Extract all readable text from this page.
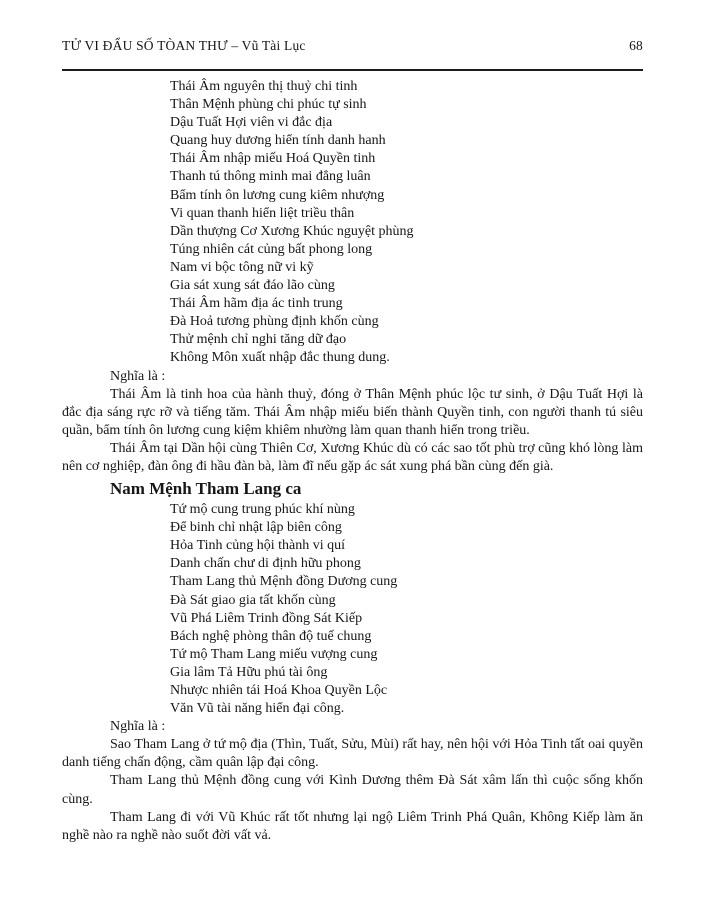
TỬ VI ĐẨU SỐ TÒAN THƯ – Vũ Tài Lục	68
Thái Âm nguyên thị thuỷ chi tinh
Thân Mệnh phùng chi phúc tự sinh
Dậu Tuất Hợi viên vi đắc địa
Quang huy dương hiển tính danh hanh
Thái Âm nhập miếu Hoá Quyền tinh
Thanh tú thông minh mai đẳng luân
Bẩm tính ôn lương cung kiêm nhượng
Vi quan thanh hiển liệt triều thân
Dần thượng Cơ Xương Khúc nguyệt phùng
Túng nhiên cát củng bất phong long
Nam vi bộc tông nữ vi kỹ
Gia sát xung sát đáo lão cùng
Thái Âm hãm địa ác tinh trung
Đà Hoả tương phùng định khốn cùng
Thử mệnh chỉ nghi tăng dữ đạo
Không Môn xuất nhập đắc thung dung.

Nghĩa là :

Thái Âm là tinh hoa của hành thuỷ, đóng ở Thân Mệnh phúc lộc tư sinh, ở Dậu Tuất Hợi là đắc địa sáng rực rỡ và tiếng tăm. Thái Âm nhập miếu biến thành Quyền tinh, con người thanh tú siêu quần, bẩm tính ôn lương cung kiệm khiêm nhường làm quan thanh hiển trong triều.

Thái Âm tại Dần hội cùng Thiên Cơ, Xương Khúc dù có các sao tốt phù trợ cũng khó lòng làm nên cơ nghiệp, đàn ông đi hầu đàn bà, làm đĩ nếu gặp ác sát xung phá bần cùng đến già.

Nam Mệnh Tham Lang ca
Tứ mộ cung trung phúc khí nùng
Để binh chỉ nhật lập biên công
Hỏa Tinh củng hội thành vi quí
Danh chấn chư di định hữu phong
Tham Lang thủ Mệnh đồng Dương cung
Đà Sát giao gia tất khốn cùng
Vũ Phá Liêm Trinh đồng Sát Kiếp
Bách nghệ phòng thân độ tuế chung
Tứ mộ Tham Lang miếu vượng cung
Gia lâm Tả Hữu phú tài ông
Nhược nhiên tái Hoá Khoa Quyền Lộc
Văn Vũ tài năng hiển đại công.

Nghĩa là :

Sao Tham Lang ở tứ mộ địa (Thìn, Tuất, Sửu, Mùi) rất hay, nên hội với Hỏa Tinh tất oai quyền danh tiếng chấn động, cầm quân lập đại công.

Tham Lang thủ Mệnh đồng cung với Kình Dương thêm Đà Sát xâm lấn thì cuộc sống khốn cùng.

Tham Lang đi với Vũ Khúc rất tốt nhưng lại ngộ Liêm Trinh Phá Quân, Không Kiếp làm ăn nghề nào ra nghề nào suốt đời vất vả.
